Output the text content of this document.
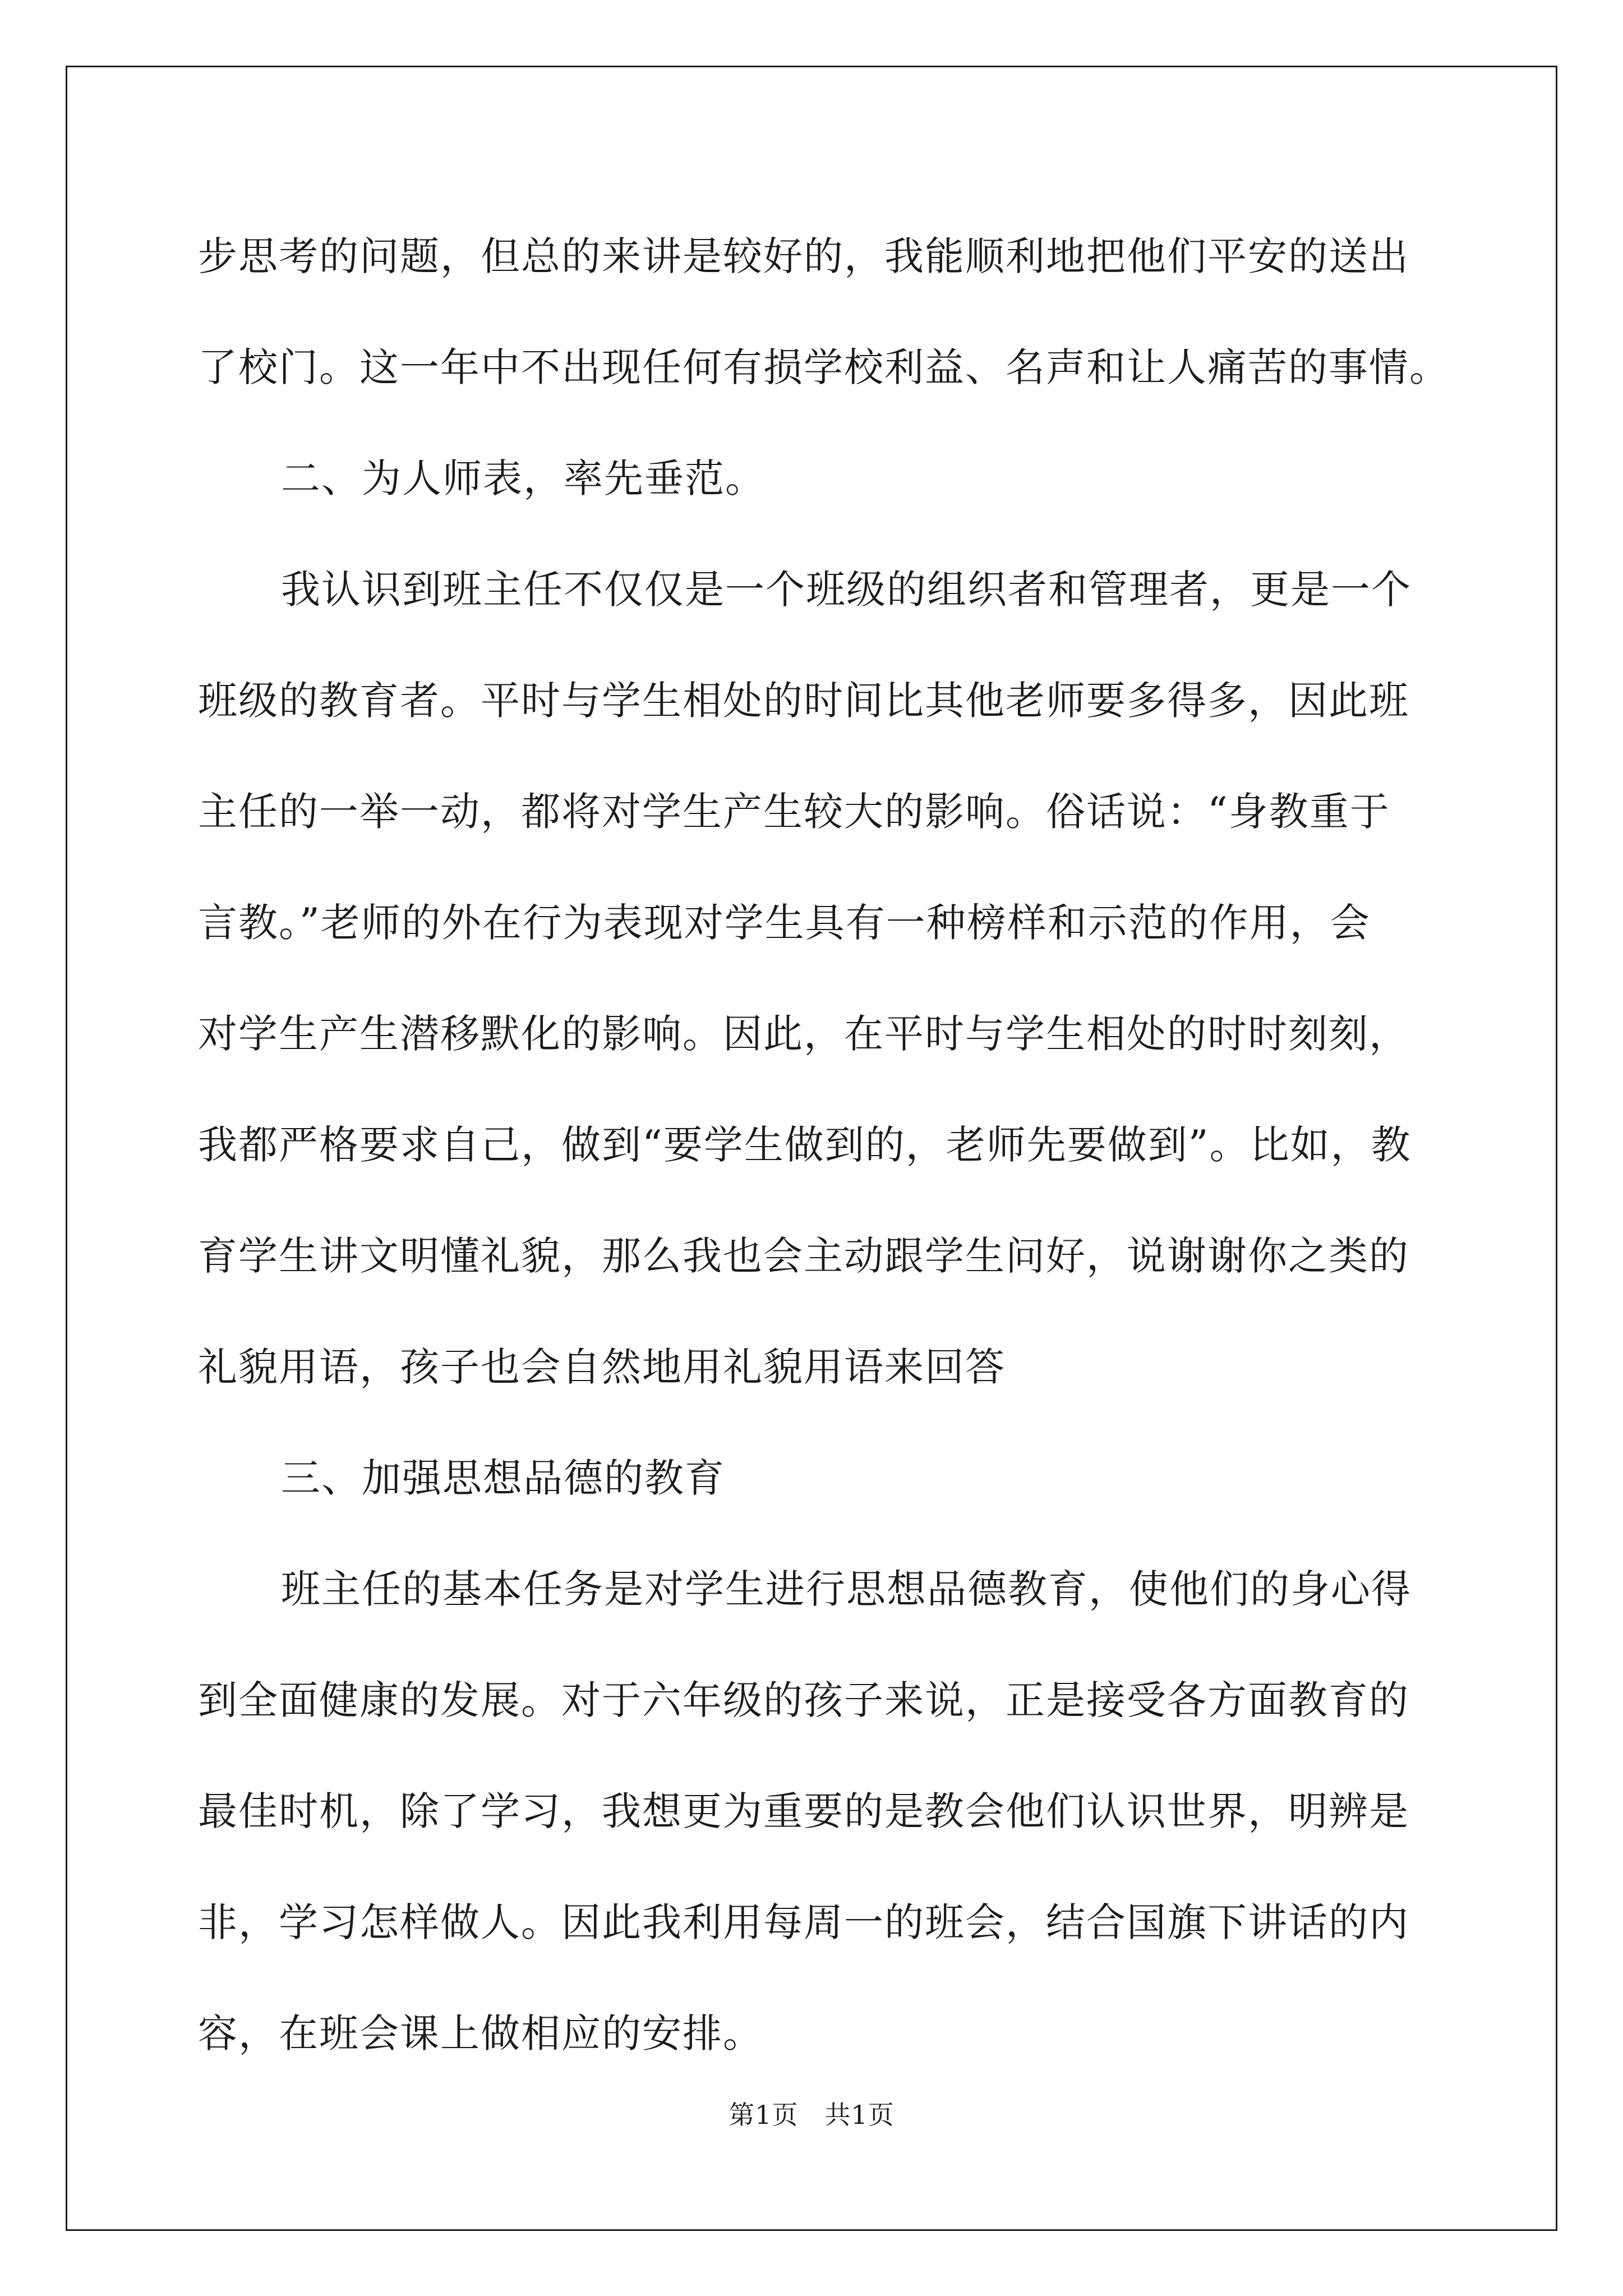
步思考的问题，但总的来讲是较好的，我能顺利地把他们平安的送出
了校门。这一年中不出现任何有损学校利益、名声和让人痛苦的事情。
二、为人师表，率先垂范。
我认识到班主任不仅仅是一个班级的组织者和管理者，更是一个
班级的教育者。平时与学生相处的时间比其他老师要多得多，因此班
主任的一举一动，都将对学生产生较大的影响。俗话说：“身教重于
言教。”老师的外在行为表现对学生具有一种榜样和示范的作用，会
对学生产生潜移默化的影响。因此，在平时与学生相处的时时刻刻，
我都严格要求自己，做到“要学生做到的，老师先要做到”。比如，教
育学生讲文明懂礼貌，那么我也会主动跟学生问好，说谢谢你之类的
礼貌用语，孩子也会自然地用礼貌用语来回答
三、加强思想品德的教育
班主任的基本任务是对学生进行思想品德教育，使他们的身心得
到全面健康的发展。对于六年级的孩子来说，正是接受各方面教育的
最佳时机，除了学习，我想更为重要的是教会他们认识世界，明辨是
非，学习怎样做人。因此我利用每周一的班会，结合国旗下讲话的内
容，在班会课上做相应的安排。
第1页　共1页
